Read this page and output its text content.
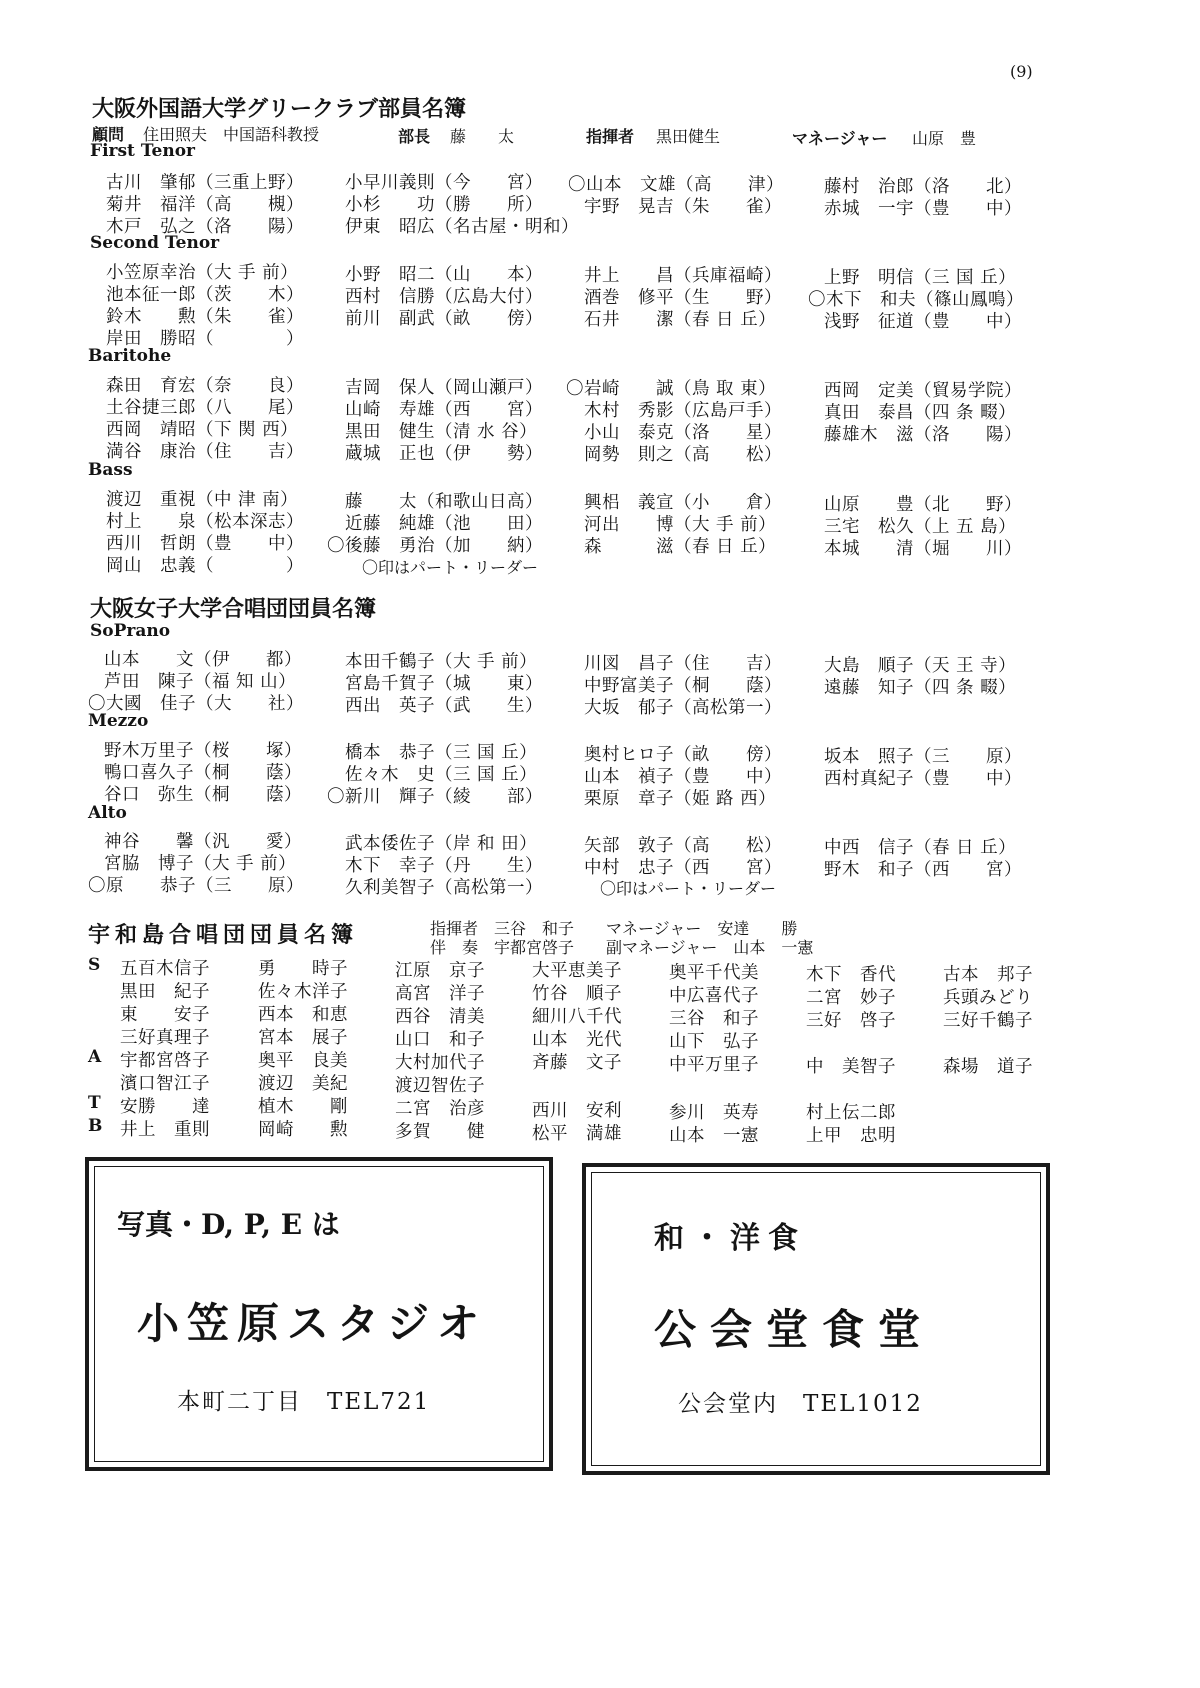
(9)
大阪外国語大学グリークラブ部員名簿
顧問 住田照夫　中国語科教授	部長 藤　　太	指揮者 黒田健生	マネージャー 山原　豊
First Tenor
古川　肇郁（三重上野） 小早川義則（今　　宮） 〇山本　文雄（高　　津） 藤村　治郎（洛　　北）
菊井　福洋（高　　槻） 小杉　　功（勝　　所） 宇野　晃吉（朱　　雀） 赤城　一宇（豊　　中）
木戸　弘之（洛　　陽） 伊東　昭広（名古屋・明和）
Second Tenor
小笠原幸治（大 手 前）	小野　昭二（山　　本） 井上　　昌（兵庫福崎） 上野　明信（三 国 丘）
池本征一郎（茨　　木） 西村　信勝（広島大付） 酒巻　修平（生　　野） 〇木下　和夫（篠山鳳鳴）
鈴木　　勲（朱　　雀） 前川　副武（畝　　傍） 石井　　潔（春 日 丘）	浅野　征道（豊　　中）
岸田　勝昭（　　　　）
Baritohe
森田　育宏（奈　　良） 吉岡　保人（岡山瀬戸） 〇岩崎　　誠（鳥 取 東）	西岡　定美（貿易学院）
土谷捷三郎（八　　尾） 山崎　寿雄（西　　宮） 木村　秀影（広島戸手） 真田　泰昌（四 条 畷）
西岡　靖昭（下 関 西）	黒田　健生（清 水 谷）	小山　泰克（洛　　星） 藤雄木　滋（洛　　陽）
満谷　康治（住　　吉） 蔵城　正也（伊　　勢） 岡勢　則之（高　　松）
Bass
渡辺　重視（中 津 南）	藤　　太（和歌山日高） 興梠　義宣（小　　倉） 山原　　豊（北　　野）
村上　　泉（松本深志） 近藤　純雄（池　　田） 河出　　博（大 手 前）	三宅　松久（上 五 島）
西川　哲朗（豊　　中） 〇後藤　勇治（加　　納） 森　　　滋（春 日 丘）	本城　　清（堀　　川）
岡山　忠義（　　　　）	〇印はパート・リーダー
大阪女子大学合唱団団員名簿
SoPrano
山本　　文（伊　　都） 本田千鶴子（大 手 前）	川図　昌子（住　　吉） 大島　順子（天 王 寺）
芦田　陳子（福 知 山）	宮島千賀子（城　　東） 中野富美子（桐　　蔭） 遠藤　知子（四 条 畷）
〇大國　佳子（大　　社） 西出　英子（武　　生） 大坂　郁子（高松第一）
Mezzo
野木万里子（桜　　塚） 橋本　恭子（三 国 丘）	奥村ヒロ子（畝　　傍） 坂本　照子（三　　原）
鴨口喜久子（桐　　蔭） 佐々木　史（三 国 丘）	山本　禎子（豊　　中） 西村真紀子（豊　　中）
谷口　弥生（桐　　蔭） 〇新川　輝子（綾　　部） 栗原　章子（姫 路 西）
Alto
神谷　　馨（汎　　愛） 武本倭佐子（岸 和 田）	矢部　敦子（高　　松） 中西　信子（春 日 丘）
宮脇　博子（大 手 前）	木下　幸子（丹　　生） 中村　忠子（西　　宮） 野木　和子（西　　宮）
〇原　　恭子（三　　原） 久利美智子（高松第一）	〇印はパート・リーダー
宇和島合唱団団員名簿	指揮者　三谷　和子　　マネージャー　安達　　勝
伴　奏　宇都宮啓子　　副マネージャー　山本　一憲
S 五百木信子	勇　　時子	江原　京子	大平恵美子	奥平千代美	木下　香代	古本　邦子
黒田　紀子	佐々木洋子	高宮　洋子	竹谷　順子	中広喜代子	二宮　妙子	兵頭みどり
東　　安子	西本　和恵	西谷　清美	細川八千代	三谷　和子	三好　啓子	三好千鶴子
三好真理子	宮本　展子	山口　和子	山本　光代	山下　弘子
A 宇都宮啓子	奥平　良美	大村加代子	斉藤　文子	中平万里子	中　美智子	森場　道子
濱口智江子	渡辺　美紀	渡辺智佐子
T 安勝　　達	植木　　剛	二宮　治彦	西川　安利	参川　英寿	村上伝二郎
B 井上　重則	岡崎　　勲	多賀　　健	松平　満雄	山本　一憲	上甲　忠明
写真・D, P, E は
小笠原スタジオ
本町二丁目　TEL721
和・洋食
公会堂食堂
公会堂内　TEL1012
